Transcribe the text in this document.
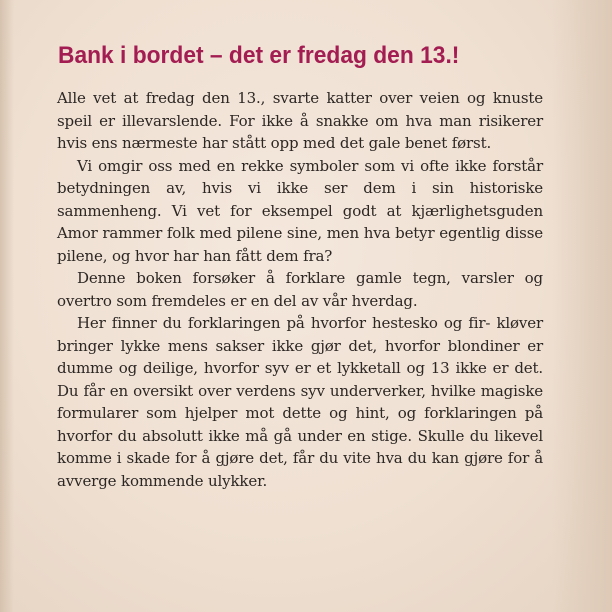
Bank i bordet – det er fredag den 13.!

Alle vet at fredag den 13., svarte katter over veien og knuste speil er illevarslende. For ikke å snakke om hva man risikerer hvis ens nærmeste har stått opp med det gale benet først.

Vi omgir oss med en rekke symboler som vi ofte ikke forstår betydningen av, hvis vi ikke ser dem i sin historiske sammenheng. Vi vet for eksempel godt at kjærlighetsguden Amor rammer folk med pilene sine, men hva betyr egentlig disse pilene, og hvor har han fått dem fra?

Denne boken forsøker å forklare gamle tegn, varsler og overtro som fremdeles er en del av vår hverdag.

Her finner du forklaringen på hvorfor hestesko og fir- kløver bringer lykke mens sakser ikke gjør det, hvorfor blondiner er dumme og deilige, hvorfor syv er et lykketall og 13 ikke er det. Du får en oversikt over verdens syv underverker, hvilke magiske formularer som hjelper mot dette og hint, og forklaringen på hvorfor du absolutt ikke må gå under en stige. Skulle du likevel komme i skade for å gjøre det, får du vite hva du kan gjøre for å avverge kommende ulykker.
